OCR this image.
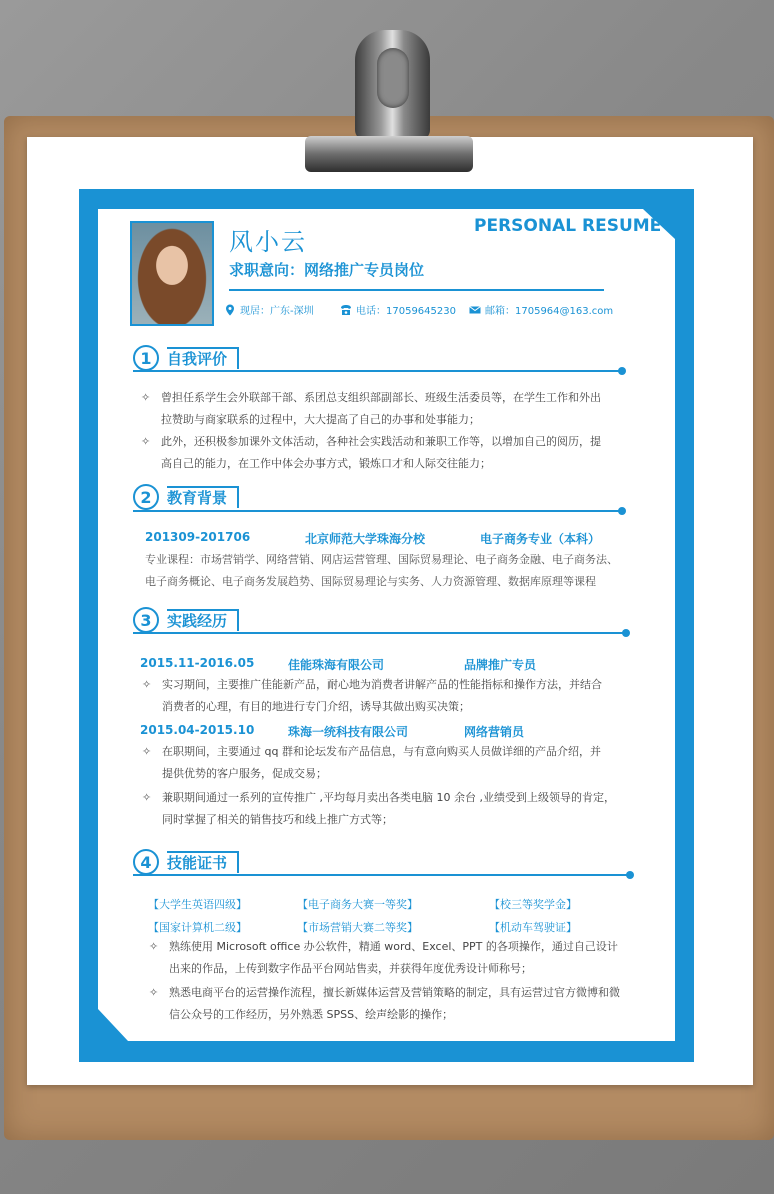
风小云
求职意向：网络推广专员岗位
PERSONAL RESUME
现居：广东-深圳	电话：17059645230	邮箱：1705964@163.com
1	自我评价
✧ 曾担任系学生会外联部干部、系团总支组织部副部长、班级生活委员等，在学生工作和外出
拉赞助与商家联系的过程中，大大提高了自己的办事和处事能力；
✧ 此外，还积极参加课外文体活动，各种社会实践活动和兼职工作等，以增加自己的阅历，提
高自己的能力，在工作中体会办事方式，锻炼口才和人际交往能力；
2	教育背景
201309-201706	北京师范大学珠海分校	电子商务专业（本科）
专业课程：市场营销学、网络营销、网店运营管理、国际贸易理论、电子商务金融、电子商务法、
电子商务概论、电子商务发展趋势、国际贸易理论与实务、人力资源管理、数据库原理等课程
3	实践经历
2015.11-2016.05	佳能珠海有限公司	品牌推广专员
✧ 实习期间，主要推广佳能新产品，耐心地为消费者讲解产品的性能指标和操作方法，并结合
消费者的心理，有目的地进行专门介绍，诱导其做出购买决策；
2015.04-2015.10	珠海一统科技有限公司	网络营销员
✧ 在职期间，主要通过 qq 群和论坛发布产品信息，与有意向购买人员做详细的产品介绍，并
提供优势的客户服务，促成交易；
✧ 兼职期间通过一系列的宣传推广 ,平均每月卖出各类电脑 10 余台 ,业绩受到上级领导的肯定，
同时掌握了相关的销售技巧和线上推广方式等；
4	技能证书
【大学生英语四级】	【电子商务大赛一等奖】	【校三等奖学金】
【国家计算机二级】	【市场营销大赛二等奖】	【机动车驾驶证】
✧ 熟练使用 Microsoft office 办公软件，精通 word、Excel、PPT 的各项操作，通过自己设计
出来的作品，上传到数字作品平台网站售卖，并获得年度优秀设计师称号；
✧ 熟悉电商平台的运营操作流程，擅长新媒体运营及营销策略的制定，具有运营过官方微博和微
信公众号的工作经历，另外熟悉 SPSS、绘声绘影的操作；
